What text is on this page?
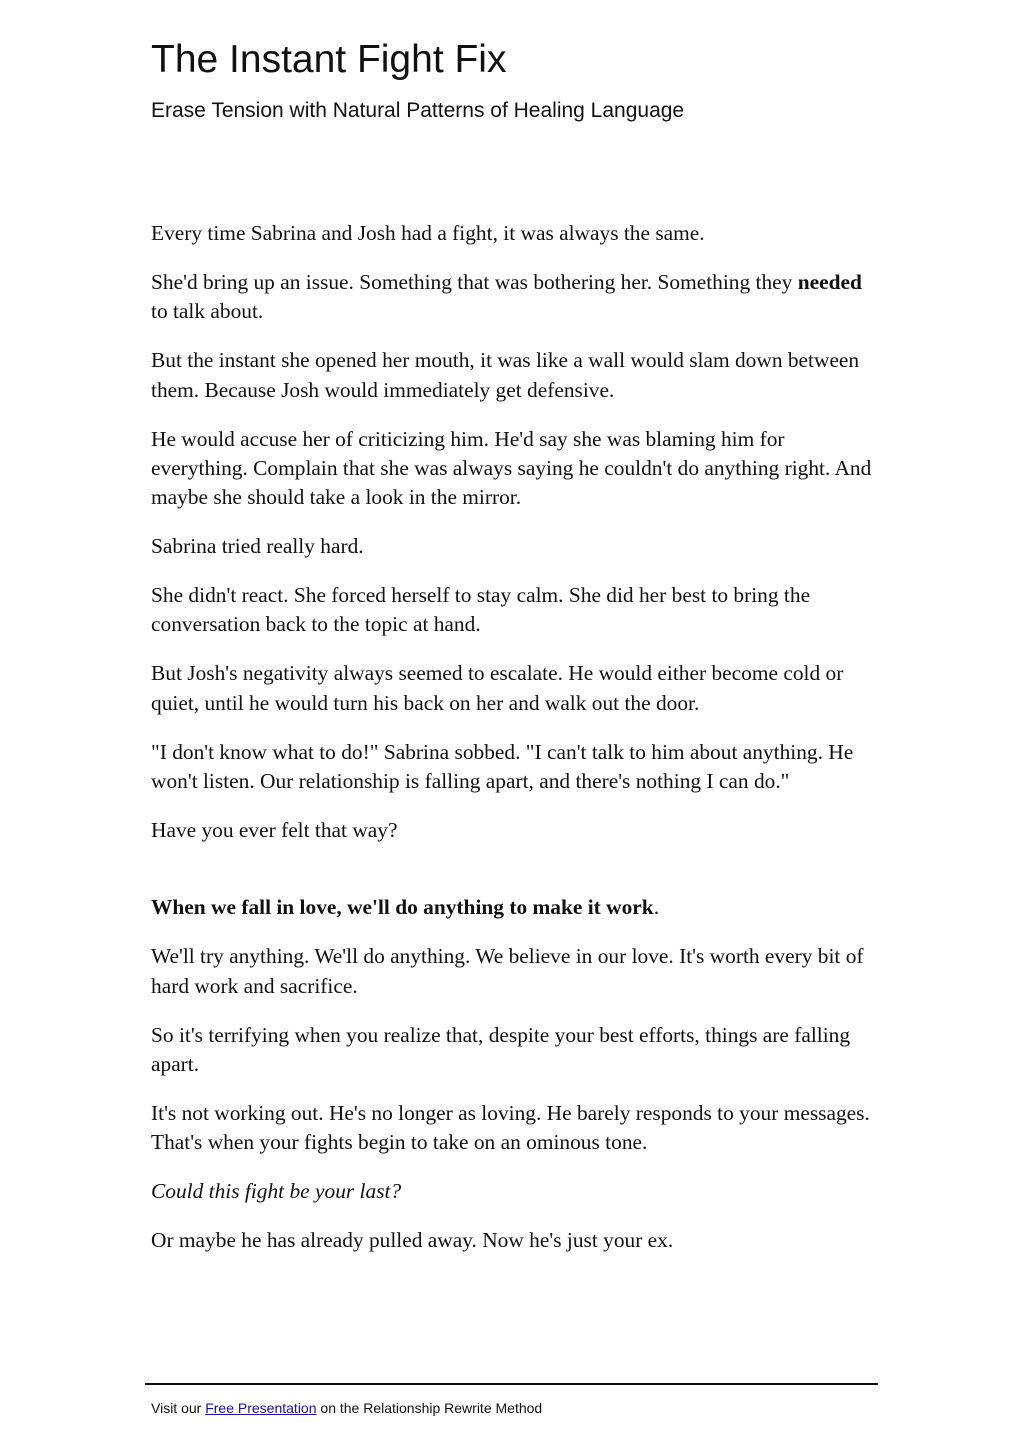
The Instant Fight Fix
Erase Tension with Natural Patterns of Healing Language

Every time Sabrina and Josh had a fight, it was always the same.

She'd bring up an issue. Something that was bothering her. Something they needed to talk about.

But the instant she opened her mouth, it was like a wall would slam down between them. Because Josh would immediately get defensive.

He would accuse her of criticizing him. He'd say she was blaming him for everything. Complain that she was always saying he couldn't do anything right. And maybe she should take a look in the mirror.

Sabrina tried really hard.

She didn't react. She forced herself to stay calm. She did her best to bring the conversation back to the topic at hand.

But Josh's negativity always seemed to escalate. He would either become cold or quiet, until he would turn his back on her and walk out the door.

"I don't know what to do!" Sabrina sobbed. "I can't talk to him about anything. He won't listen. Our relationship is falling apart, and there's nothing I can do."

Have you ever felt that way?

When we fall in love, we'll do anything to make it work.

We'll try anything. We'll do anything. We believe in our love. It's worth every bit of hard work and sacrifice.

So it's terrifying when you realize that, despite your best efforts, things are falling apart.

It's not working out. He's no longer as loving. He barely responds to your messages. That's when your fights begin to take on an ominous tone.

Could this fight be your last?

Or maybe he has already pulled away. Now he's just your ex.

Visit our Free Presentation on the Relationship Rewrite Method
